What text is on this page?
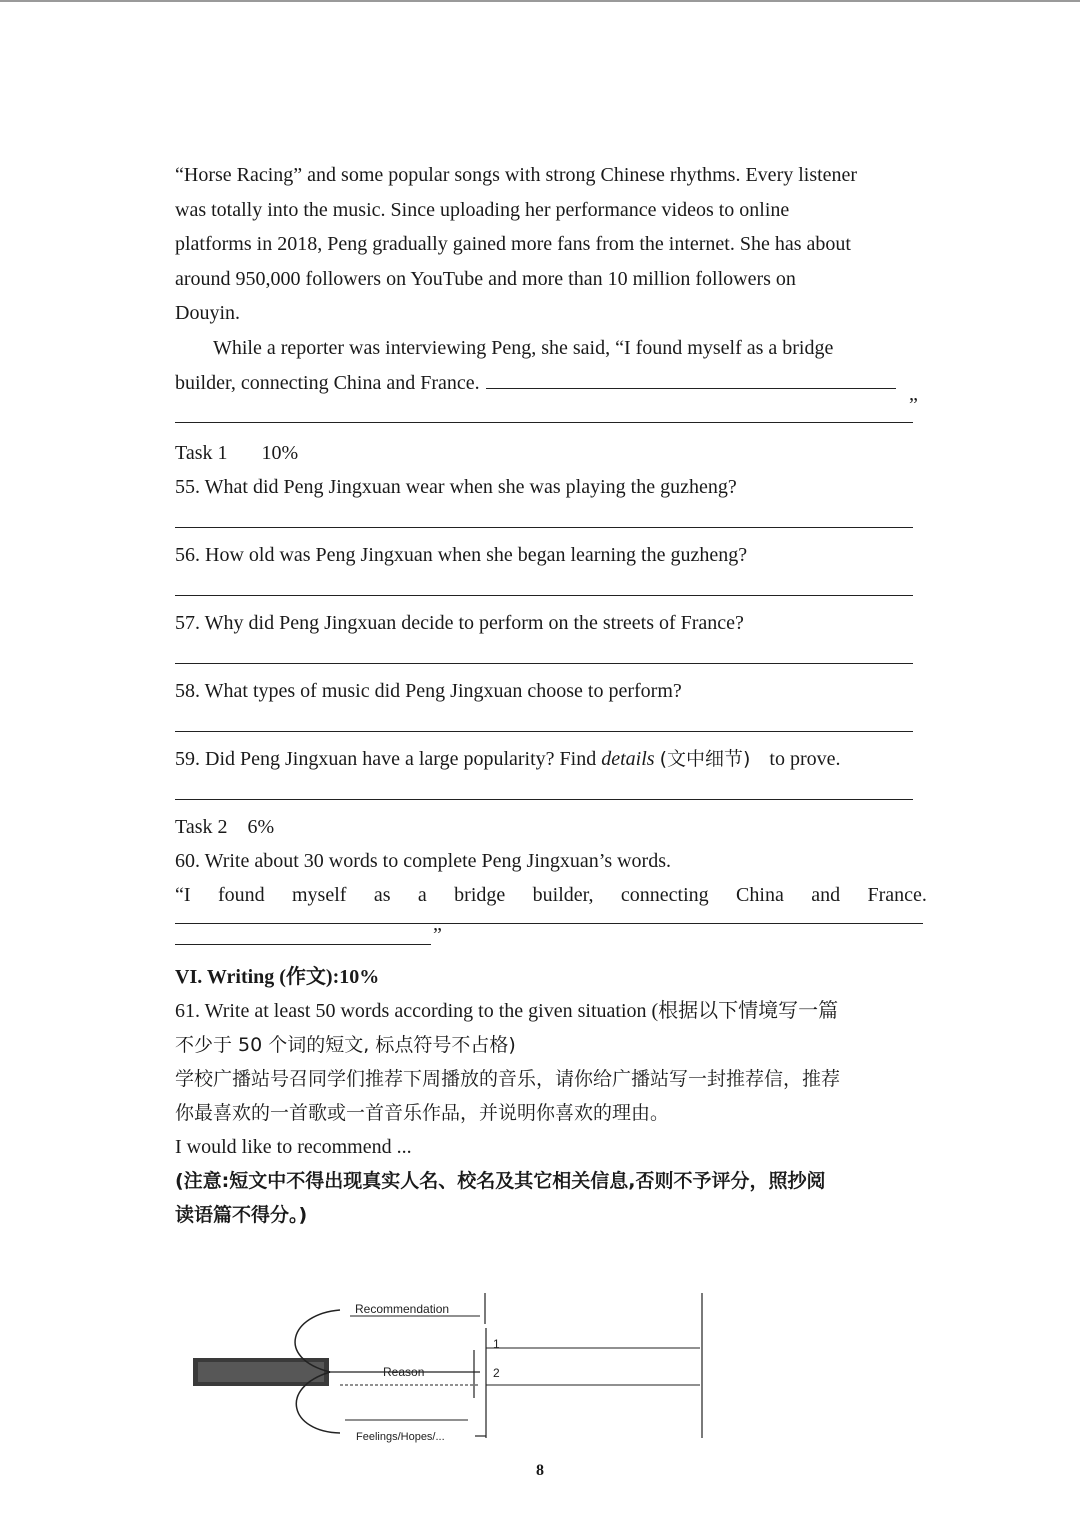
“Horse Racing” and some popular songs with strong Chinese rhythms. Every listener

was totally into the music. Since uploading her performance videos to online

platforms in 2018, Peng gradually gained more fans from the internet. She has about

around 950,000 followers on YouTube and more than 10 million followers on

Douyin.

While a reporter was interviewing Peng, she said, “I found myself as a bridge

builder, connecting China and France.

”

Task 1 10%

55. What did Peng Jingxuan wear when she was playing the guzheng?

56. How old was Peng Jingxuan when she began learning the guzheng?

57. Why did Peng Jingxuan decide to perform on the streets of France?

58. What types of music did Peng Jingxuan choose to perform?

59. Did Peng Jingxuan have a large popularity? Find details (文中细节) to prove.

Task 2 6%

60. Write about 30 words to complete Peng Jingxuan’s words.

“I found myself as a bridge builder, connecting China and France.
”

VI. Writing (作文):10%

61. Write at least 50 words according to the given situation (根据以下情境写一篇

不少于 50 个词的短文, 标点符号不占格)

学校广播站号召同学们推荐下周播放的音乐，请你给广播站写一封推荐信，推荐

你最喜欢的一首歌或一首音乐作品，并说明你喜欢的理由。

I would like to recommend ...

(注意:短文中不得出现真实人名、校名及其它相关信息,否则不予评分，照抄阅

读语篇不得分。)

Recommendation
Reason
Feelings/Hopes/...
1
2
8
